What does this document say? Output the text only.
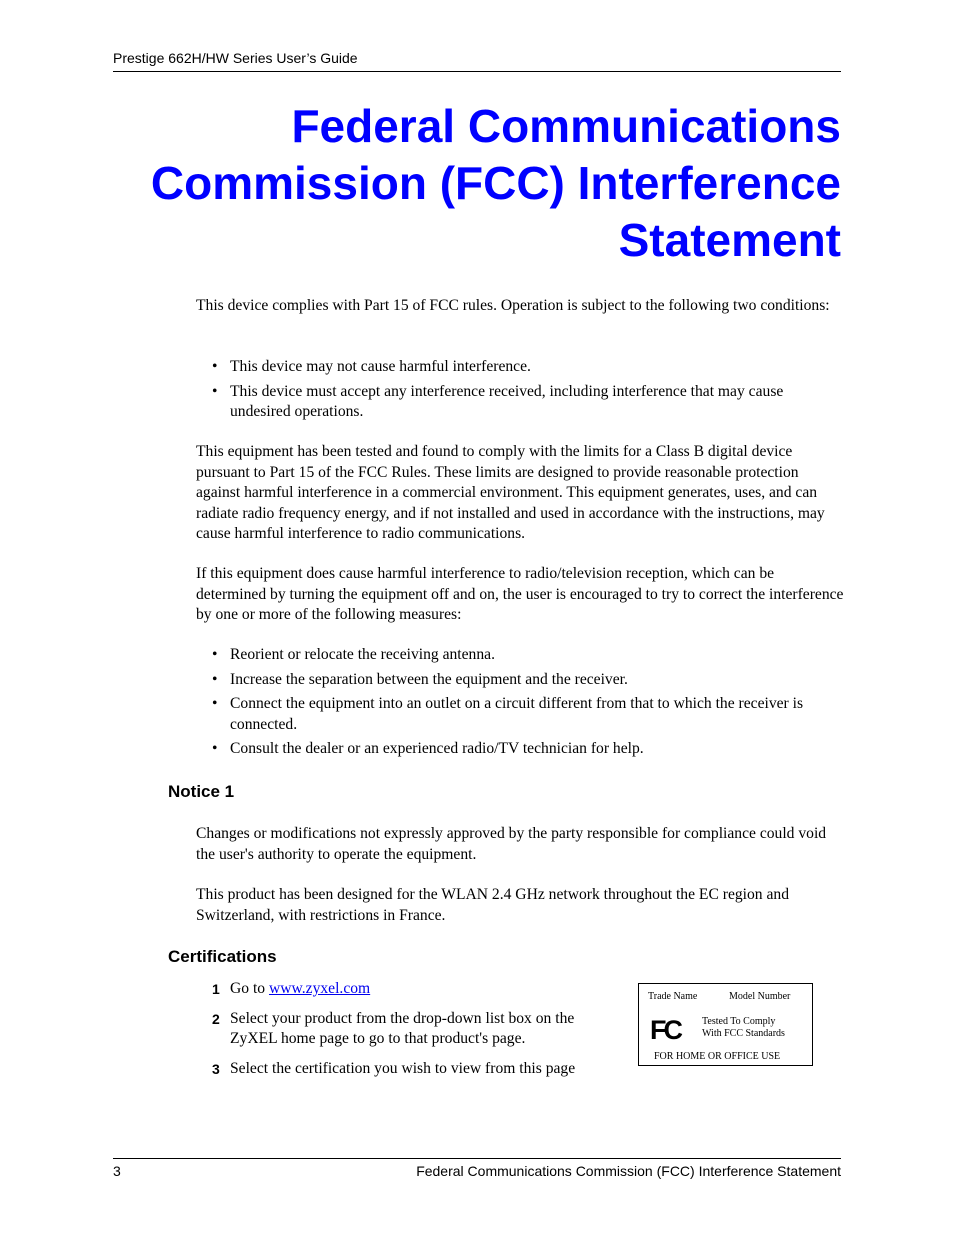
Prestige 662H/HW Series User’s Guide
Federal Communications
Commission (FCC) Interference
Statement

This device complies with Part 15 of FCC rules. Operation is subject to the following two conditions:

• This device may not cause harmful interference.
• This device must accept any interference received, including interference that may cause undesired operations.

This equipment has been tested and found to comply with the limits for a Class B digital device pursuant to Part 15 of the FCC Rules. These limits are designed to provide reasonable protection against harmful interference in a commercial environment. This equipment generates, uses, and can radiate radio frequency energy, and if not installed and used in accordance with the instructions, may cause harmful interference to radio communications.

If this equipment does cause harmful interference to radio/television reception, which can be determined by turning the equipment off and on, the user is encouraged to try to correct the interference by one or more of the following measures:

• Reorient or relocate the receiving antenna.
• Increase the separation between the equipment and the receiver.
• Connect the equipment into an outlet on a circuit different from that to which the receiver is connected.
• Consult the dealer or an experienced radio/TV technician for help.
Notice 1

Changes or modifications not expressly approved by the party responsible for compliance could void the user's authority to operate the equipment.

This product has been designed for the WLAN 2.4 GHz network throughout the EC region and Switzerland, with restrictions in France.

Certifications
1 Go to www.zyxel.com
2 Select your product from the drop-down list box on the ZyXEL home page to go to that product's page.
3 Select the certification you wish to view from this page
Trade Name	Model Number
FC Tested To Comply
With FCC Standards
FOR HOME OR OFFICE USE
3	Federal Communications Commission (FCC) Interference Statement
